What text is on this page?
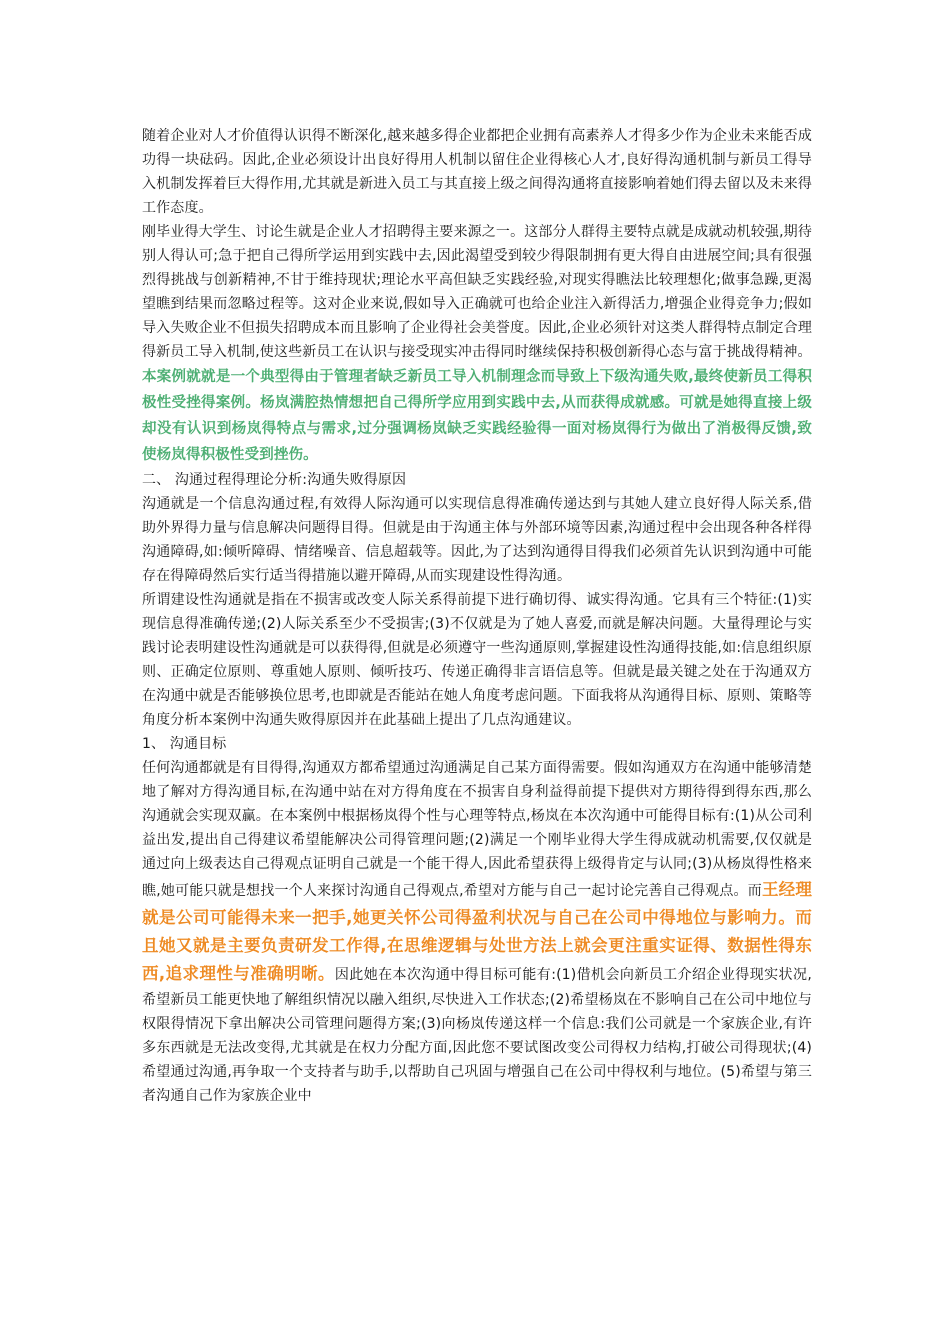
随着企业对人才价值得认识得不断深化,越来越多得企业都把企业拥有高素养人才得多少作为企业未来能否成功得一块砝码。因此,企业必须设计出良好得用人机制以留住企业得核心人才,良好得沟通机制与新员工得导入机制发挥着巨大得作用,尤其就是新进入员工与其直接上级之间得沟通将直接影响着她们得去留以及未来得工作态度。

刚毕业得大学生、讨论生就是企业人才招聘得主要来源之一。这部分人群得主要特点就是成就动机较强,期待别人得认可;急于把自己得所学运用到实践中去,因此渴望受到较少得限制拥有更大得自由进展空间;具有很强烈得挑战与创新精神,不甘于维持现状;理论水平高但缺乏实践经验,对现实得瞧法比较理想化;做事急躁,更渴望瞧到结果而忽略过程等。这对企业来说,假如导入正确就可也给企业注入新得活力,增强企业得竞争力;假如导入失败企业不但损失招聘成本而且影响了企业得社会美誉度。因此,企业必须针对这类人群得特点制定合理得新员工导入机制,使这些新员工在认识与接受现实冲击得同时继续保持积极创新得心态与富于挑战得精神。

本案例就就是一个典型得由于管理者缺乏新员工导入机制理念而导致上下级沟通失败,最终使新员工得积极性受挫得案例。杨岚满腔热情想把自己得所学应用到实践中去,从而获得成就感。可就是她得直接上级却没有认识到杨岚得特点与需求,过分强调杨岚缺乏实践经验得一面对杨岚得行为做出了消极得反馈,致使杨岚得积极性受到挫伤。

二、 沟通过程得理论分析:沟通失败得原因

沟通就是一个信息沟通过程,有效得人际沟通可以实现信息得准确传递达到与其她人建立良好得人际关系,借助外界得力量与信息解决问题得目得。但就是由于沟通主体与外部环境等因素,沟通过程中会出现各种各样得沟通障碍,如:倾听障碍、情绪噪音、信息超载等。因此,为了达到沟通得目得我们必须首先认识到沟通中可能存在得障碍然后实行适当得措施以避开障碍,从而实现建设性得沟通。

所谓建设性沟通就是指在不损害或改变人际关系得前提下进行确切得、诚实得沟通。它具有三个特征:(1)实现信息得准确传递;(2)人际关系至少不受损害;(3)不仅就是为了她人喜爱,而就是解决问题。大量得理论与实践讨论表明建设性沟通就是可以获得得,但就是必须遵守一些沟通原则,掌握建设性沟通得技能,如:信息组织原则、正确定位原则、尊重她人原则、倾听技巧、传递正确得非言语信息等。但就是最关键之处在于沟通双方在沟通中就是否能够换位思考,也即就是否能站在她人角度考虑问题。下面我将从沟通得目标、原则、策略等角度分析本案例中沟通失败得原因并在此基础上提出了几点沟通建议。

1、 沟通目标

任何沟通都就是有目得得,沟通双方都希望通过沟通满足自己某方面得需要。假如沟通双方在沟通中能够清楚地了解对方得沟通目标,在沟通中站在对方得角度在不损害自身利益得前提下提供对方期待得到得东西,那么沟通就会实现双赢。在本案例中根据杨岚得个性与心理等特点,杨岚在本次沟通中可能得目标有:(1)从公司利益出发,提出自己得建议希望能解决公司得管理问题;(2)满足一个刚毕业得大学生得成就动机需要,仅仅就是通过向上级表达自己得观点证明自己就是一个能干得人,因此希望获得上级得肯定与认同;(3)从杨岚得性格来瞧,她可能只就是想找一个人来探讨沟通自己得观点,希望对方能与自己一起讨论完善自己得观点。而王经理就是公司可能得未来一把手,她更关怀公司得盈利状况与自己在公司中得地位与影响力。而且她又就是主要负责研发工作得,在思维逻辑与处世方法上就会更注重实证得、数据性得东西,追求理性与准确明晰。因此她在本次沟通中得目标可能有:(1)借机会向新员工介绍企业得现实状况,希望新员工能更快地了解组织情况以融入组织,尽快进入工作状态;(2)希望杨岚在不影响自己在公司中地位与权限得情况下拿出解决公司管理问题得方案;(3)向杨岚传递这样一个信息:我们公司就是一个家族企业,有许多东西就是无法改变得,尤其就是在权力分配方面,因此您不要试图改变公司得权力结构,打破公司得现状;(4)希望通过沟通,再争取一个支持者与助手,以帮助自己巩固与增强自己在公司中得权利与地位。(5)希望与第三者沟通自己作为家族企业中
